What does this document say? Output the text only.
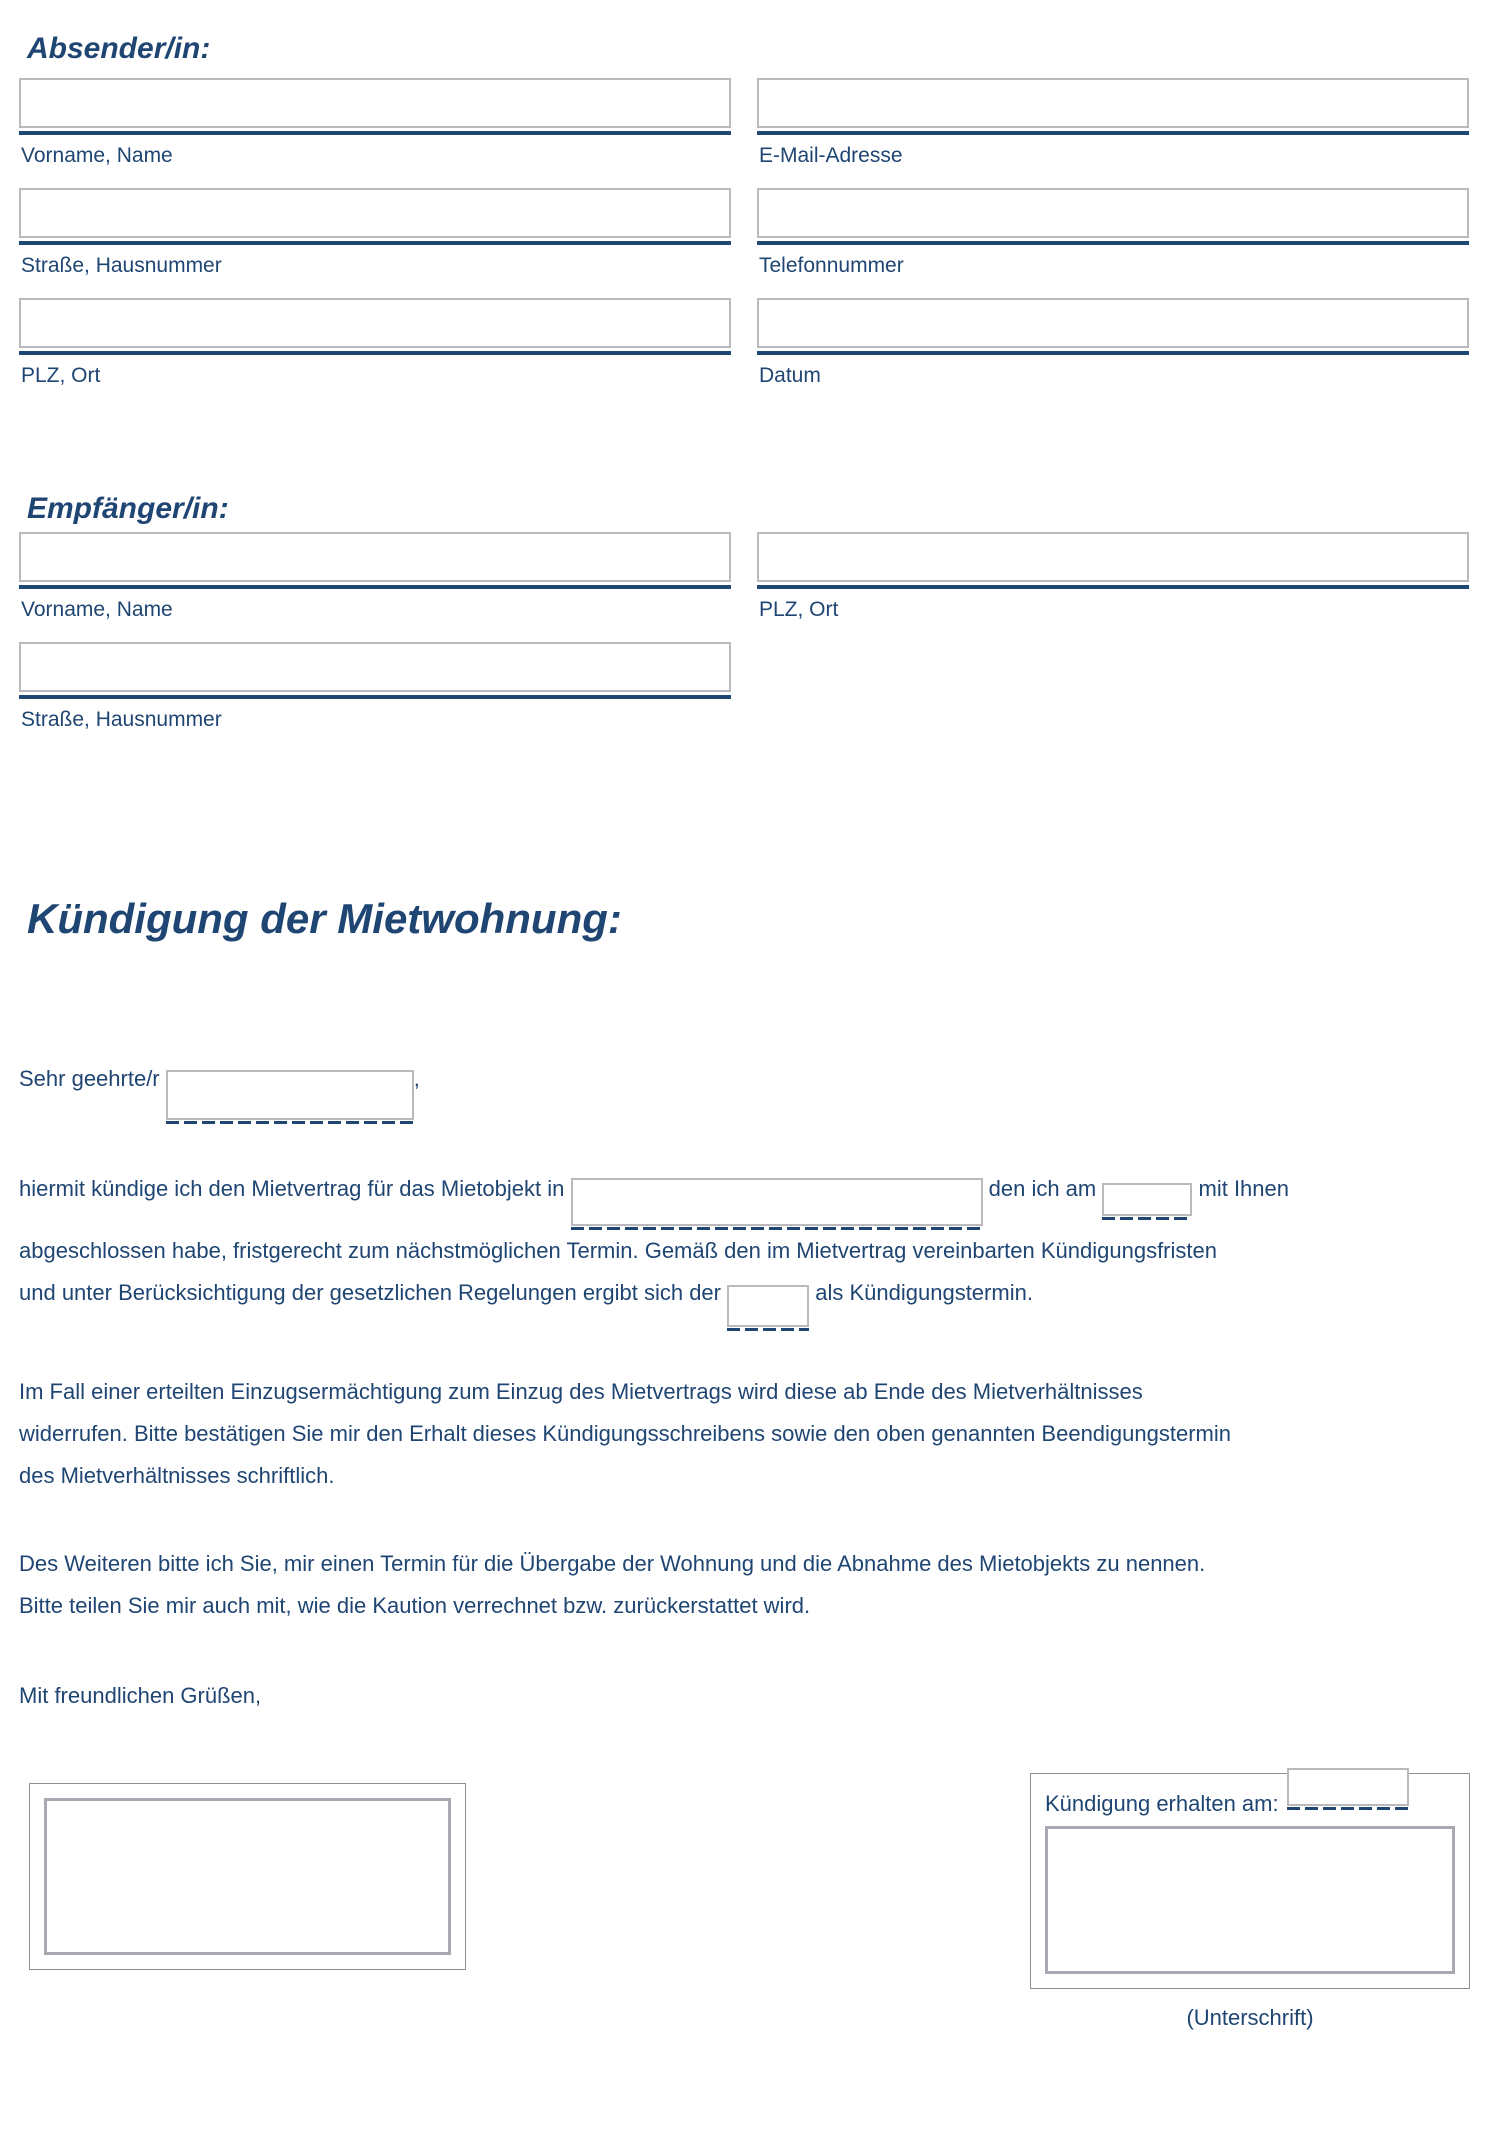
Absender/in:
Vorname, Name	E-Mail-Adresse
Straße, Hausnummer	Telefonnummer
PLZ, Ort	Datum
Empfänger/in:
Vorname, Name	PLZ, Ort
Straße, Hausnummer
Kündigung der Mietwohnung:
Sehr geehrte/r	,
hiermit kündige ich den Mietvertrag für das Mietobjekt in	den ich am	mit Ihnen
abgeschlossen habe, fristgerecht zum nächstmöglichen Termin. Gemäß den im Mietvertrag vereinbarten Kündigungsfristen
und unter Berücksichtigung der gesetzlichen Regelungen ergibt sich der	als Kündigungstermin.
Im Fall einer erteilten Einzugsermächtigung zum Einzug des Mietvertrags wird diese ab Ende des Mietverhältnisses
widerrufen. Bitte bestätigen Sie mir den Erhalt dieses Kündigungsschreibens sowie den oben genannten Beendigungstermin
des Mietverhältnisses schriftlich.
Des Weiteren bitte ich Sie, mir einen Termin für die Übergabe der Wohnung und die Abnahme des Mietobjekts zu nennen.
Bitte teilen Sie mir auch mit, wie die Kaution verrechnet bzw. zurückerstattet wird.
Mit freundlichen Grüßen,
Kündigung erhalten am:
(Unterschrift)
